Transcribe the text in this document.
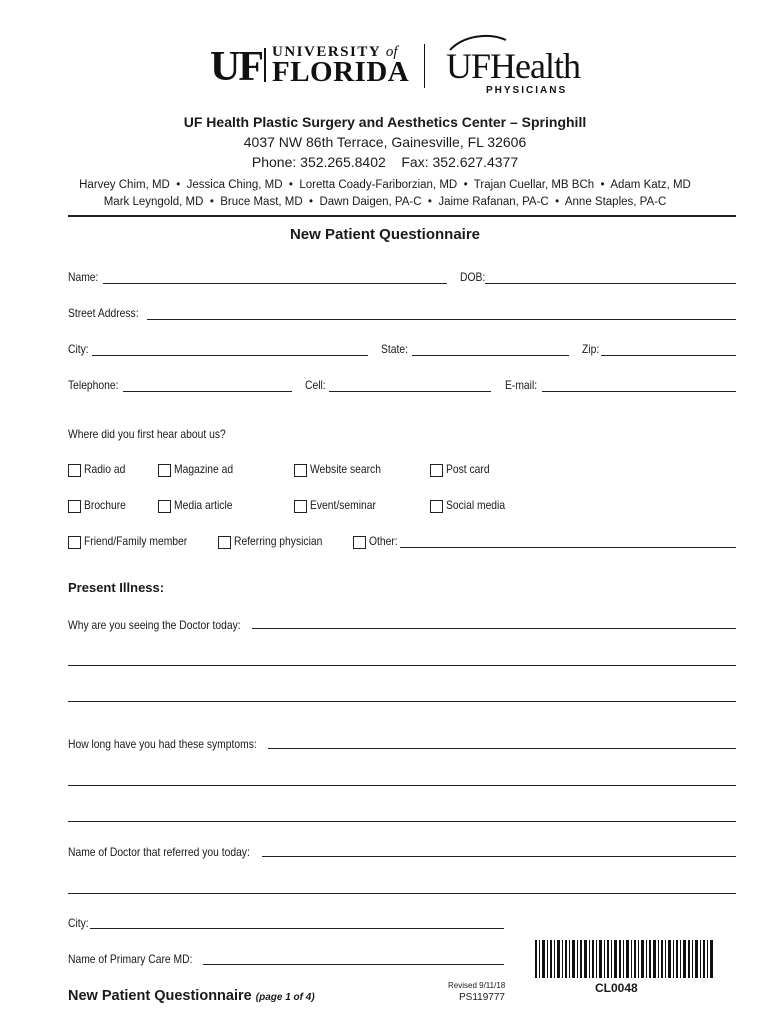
UF UNIVERSITY of
FLORIDA UFHealth
PHYSICIANS
UF Health Plastic Surgery and Aesthetics Center – Springhill
4037 NW 86th Terrace, Gainesville, FL 32606
Phone: 352.265.8402    Fax: 352.627.4377
Harvey Chim, MD  •  Jessica Ching, MD  •  Loretta Coady-Fariborzian, MD  •  Trajan Cuellar, MB BCh  •  Adam Katz, MD
Mark Leyngold, MD  •  Bruce Mast, MD  •  Dawn Daigen, PA-C  •  Jaime Rafanan, PA-C  •  Anne Staples, PA-C
New Patient Questionnaire
Name:	DOB:
Street Address:
City:	State:	Zip:
Telephone:	Cell:	E-mail:
Where did you first hear about us?
Radio ad	Magazine ad	Website search	Post card
Brochure	Media article	Event/seminar	Social media
Friend/Family member	Referring physician	Other:
Present Illness:
Why are you seeing the Doctor today:
How long have you had these symptoms:
Name of Doctor that referred you today:
City:
Name of Primary Care MD:
New Patient Questionnaire (page 1 of 4)
Revised 9/11/18
PS119777
CL0048
